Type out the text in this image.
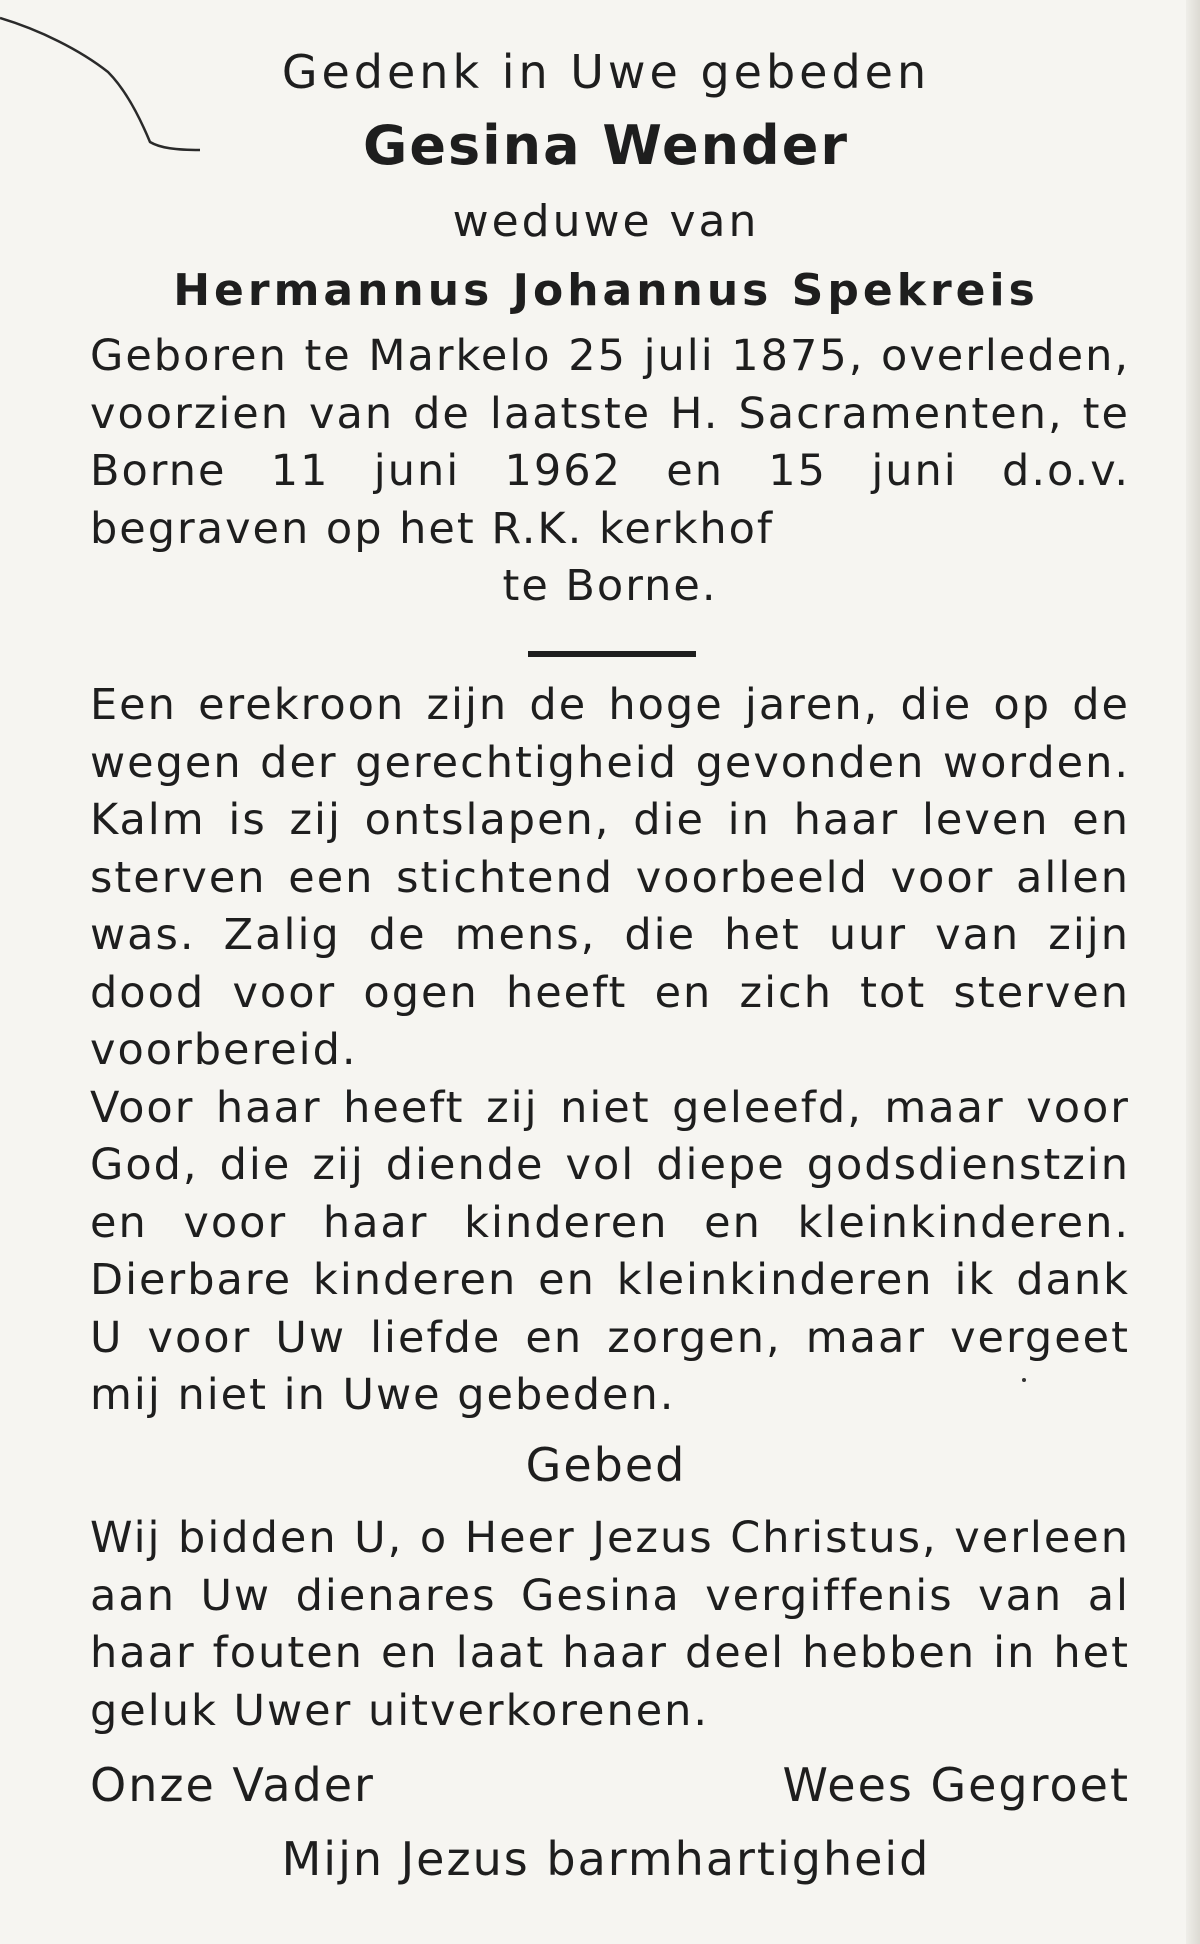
Gedenk in Uwe gebeden
Gesina Wender
weduwe van
Hermannus Johannus Spekreis
Geboren te Markelo 25 juli 1875, overleden, voorzien van de laatste H. Sacramenten, te Borne 11 juni 1962 en 15 juni d.o.v. begraven op het R.K. kerkhof
te Borne.

Een erekroon zijn de hoge jaren, die op de wegen der gerechtigheid gevonden worden. Kalm is zij ontslapen, die in haar leven en sterven een stichtend voorbeeld voor allen was. Zalig de mens, die het uur van zijn dood voor ogen heeft en zich tot sterven voorbereid.

Voor haar heeft zij niet geleefd, maar voor God, die zij diende vol diepe godsdienstzin en voor haar kinderen en kleinkinderen. Dierbare kinderen en kleinkinderen ik dank U voor Uw liefde en zorgen, maar vergeet mij niet in Uwe gebeden.

Gebed

Wij bidden U, o Heer Jezus Christus, verleen aan Uw dienares Gesina vergiffenis van al haar fouten en laat haar deel hebben in het geluk Uwer uitverkorenen.

Onze Vader	Wees Gegroet
Mijn Jezus barmhartigheid
